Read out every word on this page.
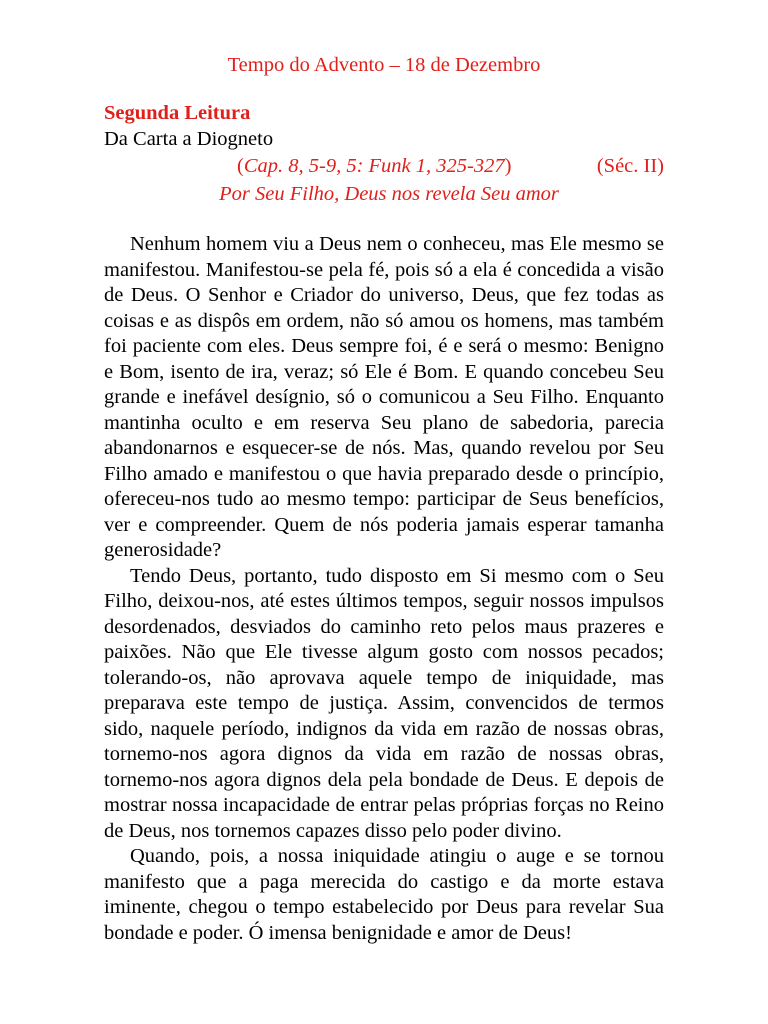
Tempo do Advento – 18 de Dezembro
Segunda Leitura
Da Carta a Diogneto
(Cap. 8, 5-9, 5: Funk 1, 325-327)	(Séc. II)
Por Seu Filho, Deus nos revela Seu amor

Nenhum homem viu a Deus nem o conheceu, mas Ele mesmo se manifestou. Manifestou-se pela fé, pois só a ela é concedida a visão de Deus. O Senhor e Criador do universo, Deus, que fez todas as coisas e as dispôs em ordem, não só amou os homens, mas também foi paciente com eles. Deus sempre foi, é e será o mesmo: Benigno e Bom, isento de ira, veraz; só Ele é Bom. E quando concebeu Seu grande e inefável desígnio, só o comunicou a Seu Filho. Enquanto mantinha oculto e em reserva Seu plano de sabedoria, parecia abandonarnos e esquecer-se de nós. Mas, quando revelou por Seu Filho amado e manifestou o que havia preparado desde o princípio, ofereceu-nos tudo ao mesmo tempo: participar de Seus benefícios, ver e compreender. Quem de nós poderia jamais esperar tamanha generosidade?

Tendo Deus, portanto, tudo disposto em Si mesmo com o Seu Filho, deixou-nos, até estes últimos tempos, seguir nossos impulsos desordenados, desviados do caminho reto pelos maus prazeres e paixões. Não que Ele tivesse algum gosto com nossos pecados; tolerando-os, não aprovava aquele tempo de iniquidade, mas preparava este tempo de justiça. Assim, convencidos de termos sido, naquele período, indignos da vida em razão de nossas obras, tornemo-nos agora dignos da vida em razão de nossas obras, tornemo-nos agora dignos dela pela bondade de Deus. E depois de mostrar nossa incapacidade de entrar pelas próprias forças no Reino de Deus, nos tornemos capazes disso pelo poder divino.

Quando, pois, a nossa iniquidade atingiu o auge e se tornou manifesto que a paga merecida do castigo e da morte estava iminente, chegou o tempo estabelecido por Deus para revelar Sua bondade e poder. Ó imensa benignidade e amor de Deus!
